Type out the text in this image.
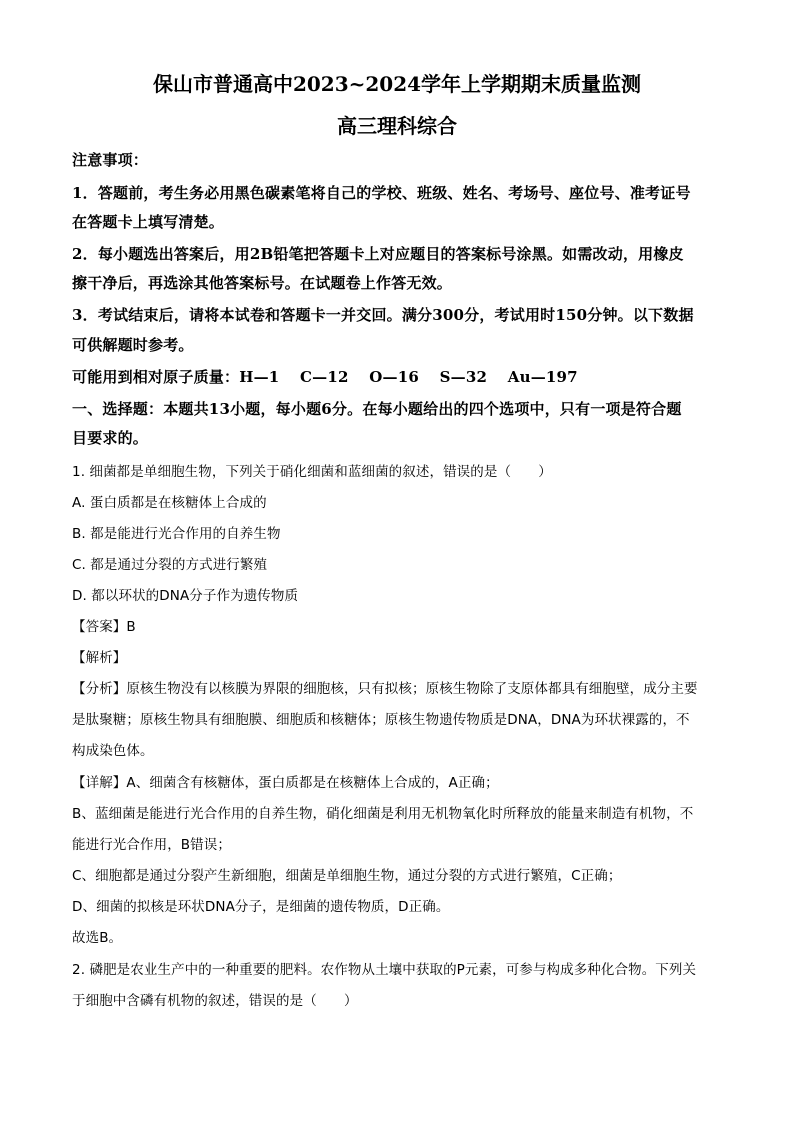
保山市普通高中2023~2024学年上学期期末质量监测
高三理科综合
注意事项：
1．答题前，考生务必用黑色碳素笔将自己的学校、班级、姓名、考场号、座位号、准考证号
在答题卡上填写清楚。
2．每小题选出答案后，用2B铅笔把答题卡上对应题目的答案标号涂黑。如需改动，用橡皮
擦干净后，再选涂其他答案标号。在试题卷上作答无效。
3．考试结束后，请将本试卷和答题卡一并交回。满分300分，考试用时150分钟。以下数据
可供解题时参考。
可能用到相对原子质量：H—1　 C—12　 O—16　 S—32　 Au—197
一、选择题：本题共13小题，每小题6分。在每小题给出的四个选项中，只有一项是符合题
目要求的。
1. 细菌都是单细胞生物，下列关于硝化细菌和蓝细菌的叙述，错误的是（　　）
A. 蛋白质都是在核糖体上合成的
B. 都是能进行光合作用的自养生物
C. 都是通过分裂的方式进行繁殖
D. 都以环状的DNA分子作为遗传物质
【答案】B
【解析】
【分析】原核生物没有以核膜为界限的细胞核，只有拟核；原核生物除了支原体都具有细胞壁，成分主要
是肽聚糖；原核生物具有细胞膜、细胞质和核糖体；原核生物遗传物质是DNA，DNA为环状裸露的，不
构成染色体。
【详解】A、细菌含有核糖体，蛋白质都是在核糖体上合成的，A正确；
B、蓝细菌是能进行光合作用的自养生物，硝化细菌是利用无机物氧化时所释放的能量来制造有机物，不
能进行光合作用，B错误；
C、细胞都是通过分裂产生新细胞，细菌是单细胞生物，通过分裂的方式进行繁殖，C正确；
D、细菌的拟核是环状DNA分子，是细菌的遗传物质，D正确。
故选B。
2. 磷肥是农业生产中的一种重要的肥料。农作物从土壤中获取的P元素，可参与构成多种化合物。下列关
于细胞中含磷有机物的叙述，错误的是（　　）
